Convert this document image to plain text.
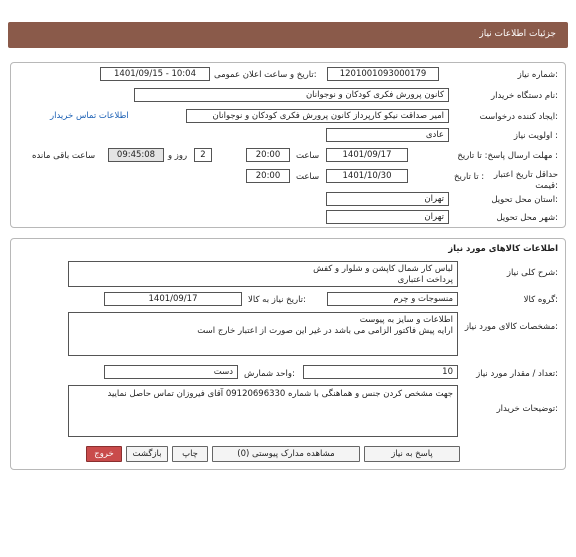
جزئیات اطلاعات نیاز
شماره نیاز:
1201001093000179
تاریخ و ساعت اعلان عمومی:
1401/09/15 - 10:04
نام دستگاه خریدار:
کانون پرورش فکری کودکان و نوجوانان
ایجاد کننده درخواست:
امیر صداقت نیکو کارپرداز کانون پرورش فکری کودکان و نوجوانان
اطلاعات تماس خریدار
اولویت نیاز :
عادی
مهلت ارسال پاسخ: تا تاریخ :
1401/09/17
ساعت
20:00
2
روز و
09:45:08
ساعت باقی مانده
حداقل تاریخ اعتبار قیمت:
تا تاریخ :
1401/10/30
ساعت
20:00
استان محل تحویل:
تهران
شهر محل تحویل:
تهران
اطلاعات کالاهای مورد نیاز
شرح کلی نیاز:
لباس کار شمال کاپشن و شلوار و کفش
پرداخت اعتباری
گروه کالا:
منسوجات و چرم
تاریخ نیاز به کالا:
1401/09/17
مشخصات کالای مورد نیاز:
اطلاعات و سایز به پیوست
ارایه پیش فاکتور الزامی می باشد در غیر این صورت از اعتبار خارج است
تعداد / مقدار مورد نیاز:
10
واحد شمارش:
دست
توضیحات خریدار:
جهت مشخص کردن جنس و هماهنگی با شماره 09120696330 آقای فیروزان تماس حاصل نمایید
پاسخ به نیاز
مشاهده مدارک پیوستی (0)
چاپ
بازگشت
خروج
